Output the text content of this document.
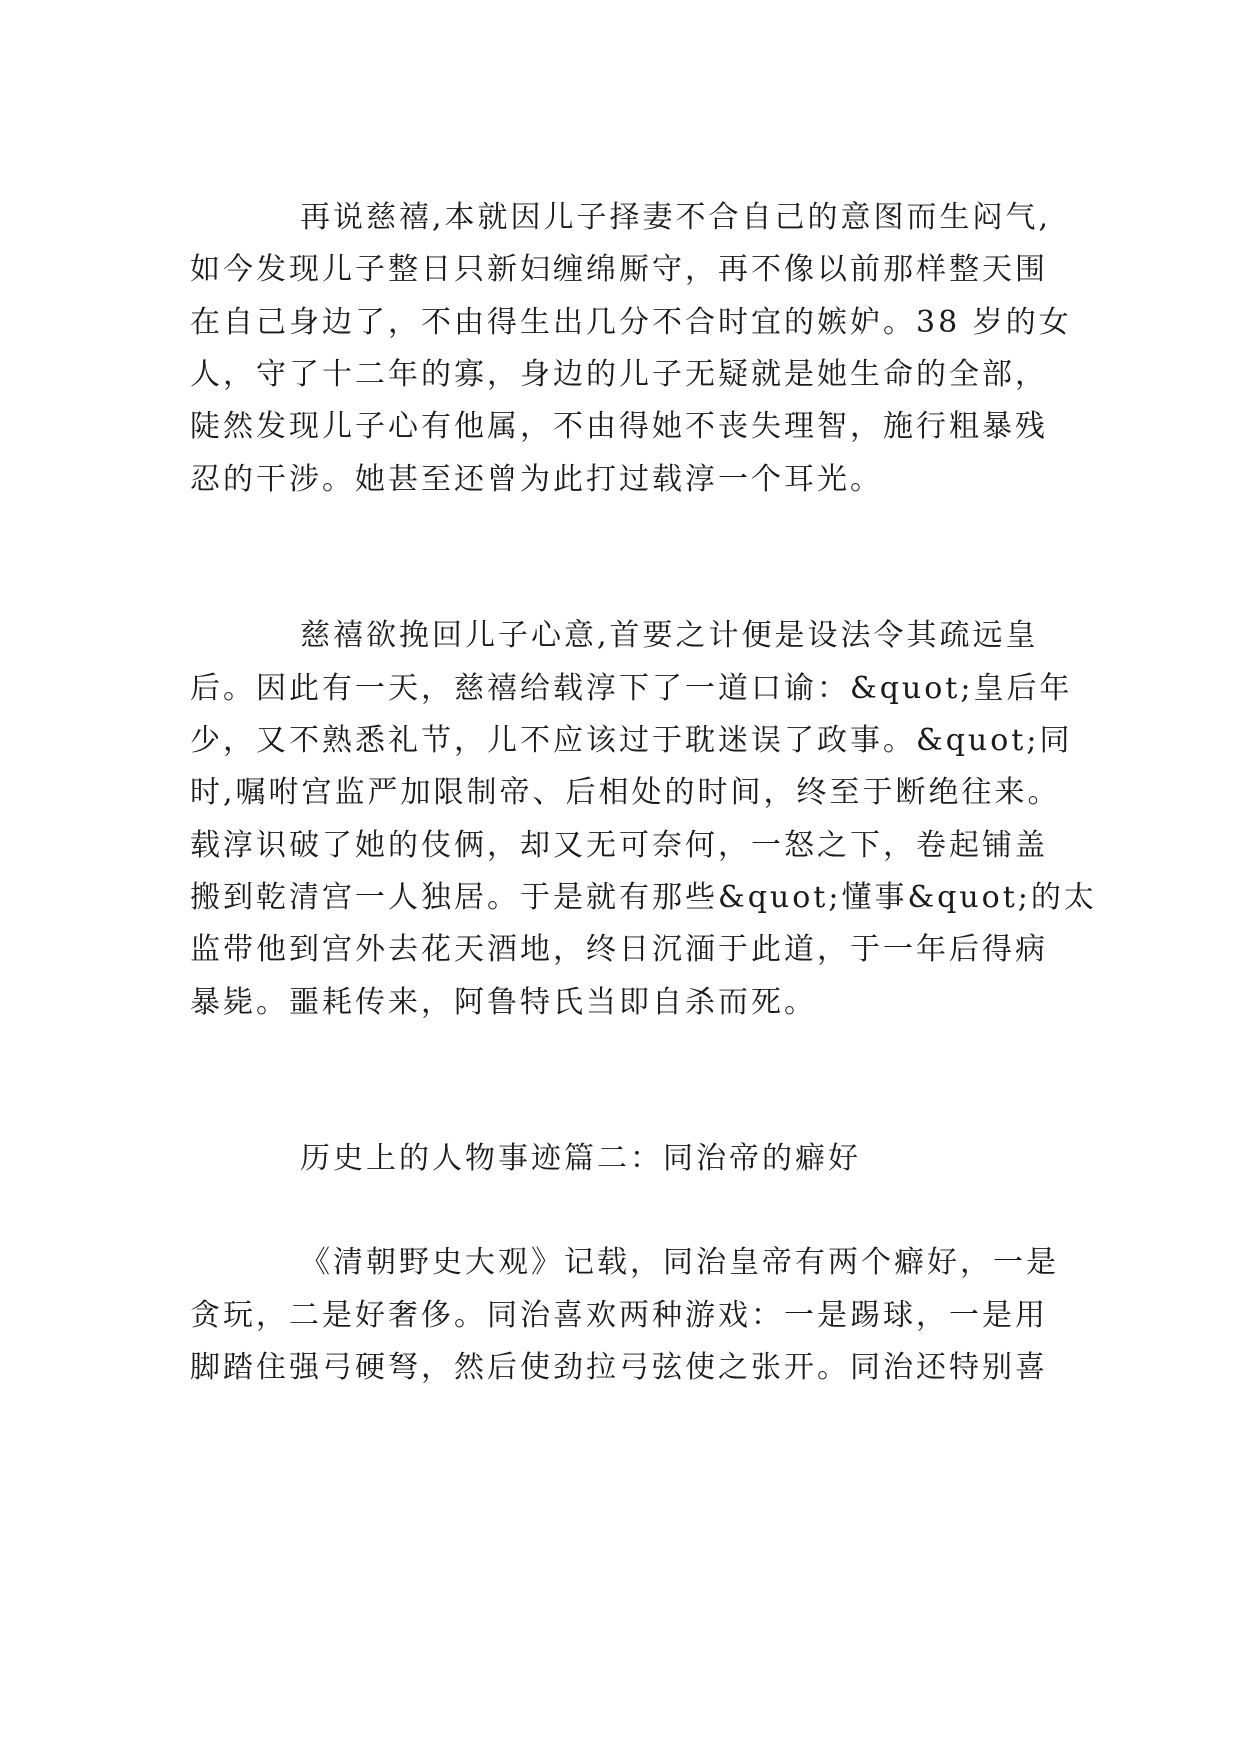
再说慈禧,本就因儿子择妻不合自己的意图而生闷气,
如今发现儿子整日只新妇缠绵厮守，再不像以前那样整天围
在自己身边了，不由得生出几分不合时宜的嫉妒。38 岁的女
人，守了十二年的寡，身边的儿子无疑就是她生命的全部，
陡然发现儿子心有他属，不由得她不丧失理智，施行粗暴残
忍的干涉。她甚至还曾为此打过载淳一个耳光。
慈禧欲挽回儿子心意,首要之计便是设法令其疏远皇
后。因此有一天，慈禧给载淳下了一道口谕：&quot;皇后年
少，又不熟悉礼节，儿不应该过于耽迷误了政事。&quot;同
时,嘱咐宫监严加限制帝、后相处的时间，终至于断绝往来。
载淳识破了她的伎俩，却又无可奈何，一怒之下，卷起铺盖
搬到乾清宫一人独居。于是就有那些&quot;懂事&quot;的太
监带他到宫外去花天酒地，终日沉湎于此道，于一年后得病
暴毙。噩耗传来，阿鲁特氏当即自杀而死。
历史上的人物事迹篇二：同治帝的癖好
《清朝野史大观》记载，同治皇帝有两个癖好，一是
贪玩，二是好奢侈。同治喜欢两种游戏：一是踢球，一是用
脚踏住强弓硬弩，然后使劲拉弓弦使之张开。同治还特别喜
